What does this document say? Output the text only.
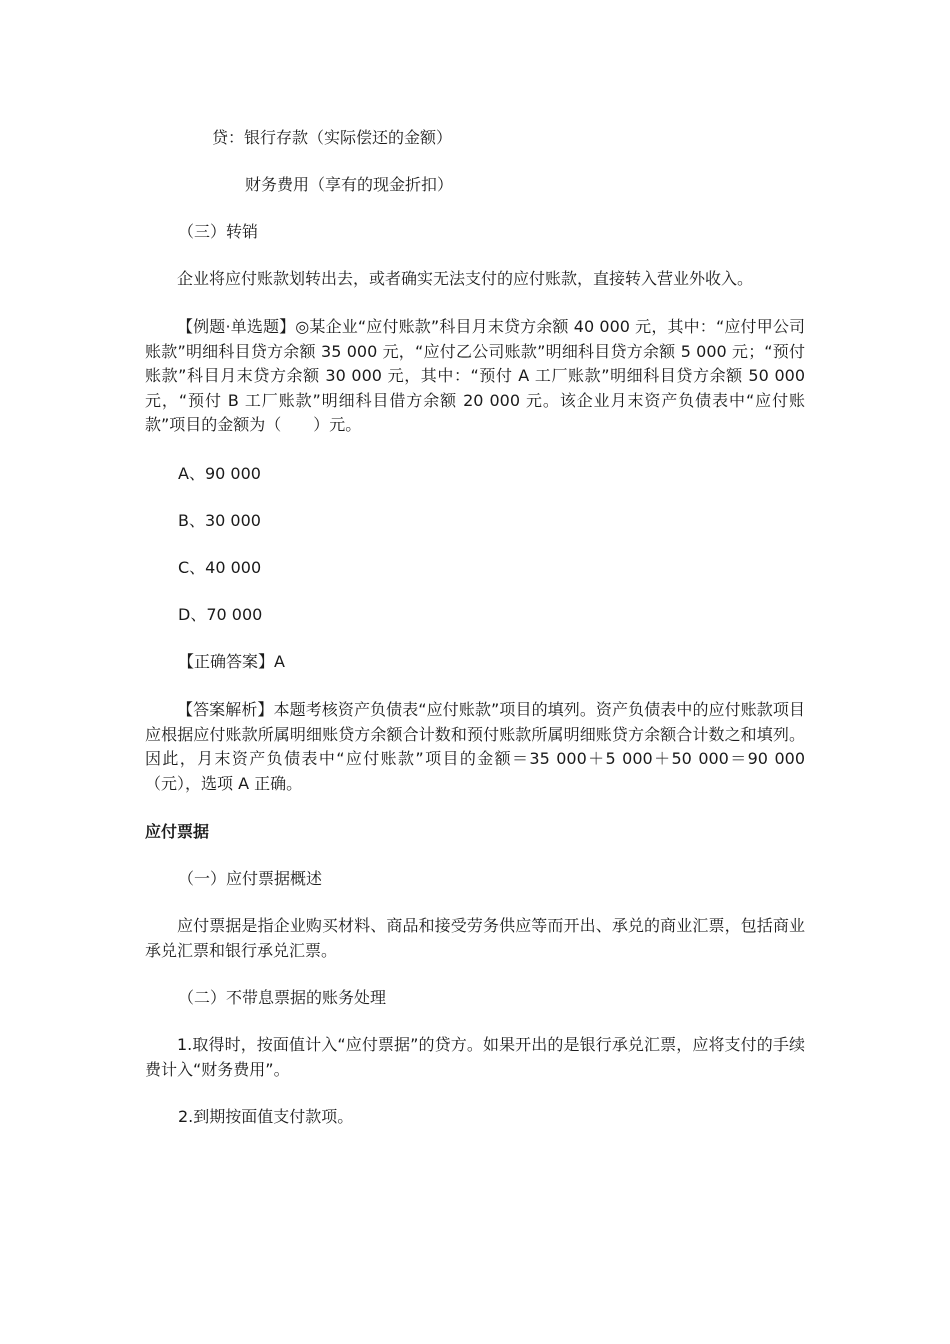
贷：银行存款（实际偿还的金额）
财务费用（享有的现金折扣）
（三）转销
企业将应付账款划转出去，或者确实无法支付的应付账款，直接转入营业外收入。
【例题·单选题】◎某企业“应付账款”科目月末贷方余额 40 000 元，其中：“应付甲公司账款”明细科目贷方余额 35 000 元，“应付乙公司账款”明细科目贷方余额 5 000 元；“预付账款”科目月末贷方余额 30 000 元，其中：“预付 A 工厂账款”明细科目贷方余额 50 000 元，“预付 B 工厂账款”明细科目借方余额 20 000 元。该企业月末资产负债表中“应付账款”项目的金额为（　　）元。
A、90 000
B、30 000
C、40 000
D、70 000
【正确答案】A
【答案解析】本题考核资产负债表“应付账款”项目的填列。资产负债表中的应付账款项目应根据应付账款所属明细账贷方余额合计数和预付账款所属明细账贷方余额合计数之和填列。因此，月末资产负债表中“应付账款”项目的金额＝35 000＋5 000＋50 000＝90 000（元），选项 A 正确。
应付票据
（一）应付票据概述
应付票据是指企业购买材料、商品和接受劳务供应等而开出、承兑的商业汇票，包括商业承兑汇票和银行承兑汇票。
（二）不带息票据的账务处理
1.取得时，按面值计入“应付票据”的贷方。如果开出的是银行承兑汇票，应将支付的手续费计入“财务费用”。
2.到期按面值支付款项。
